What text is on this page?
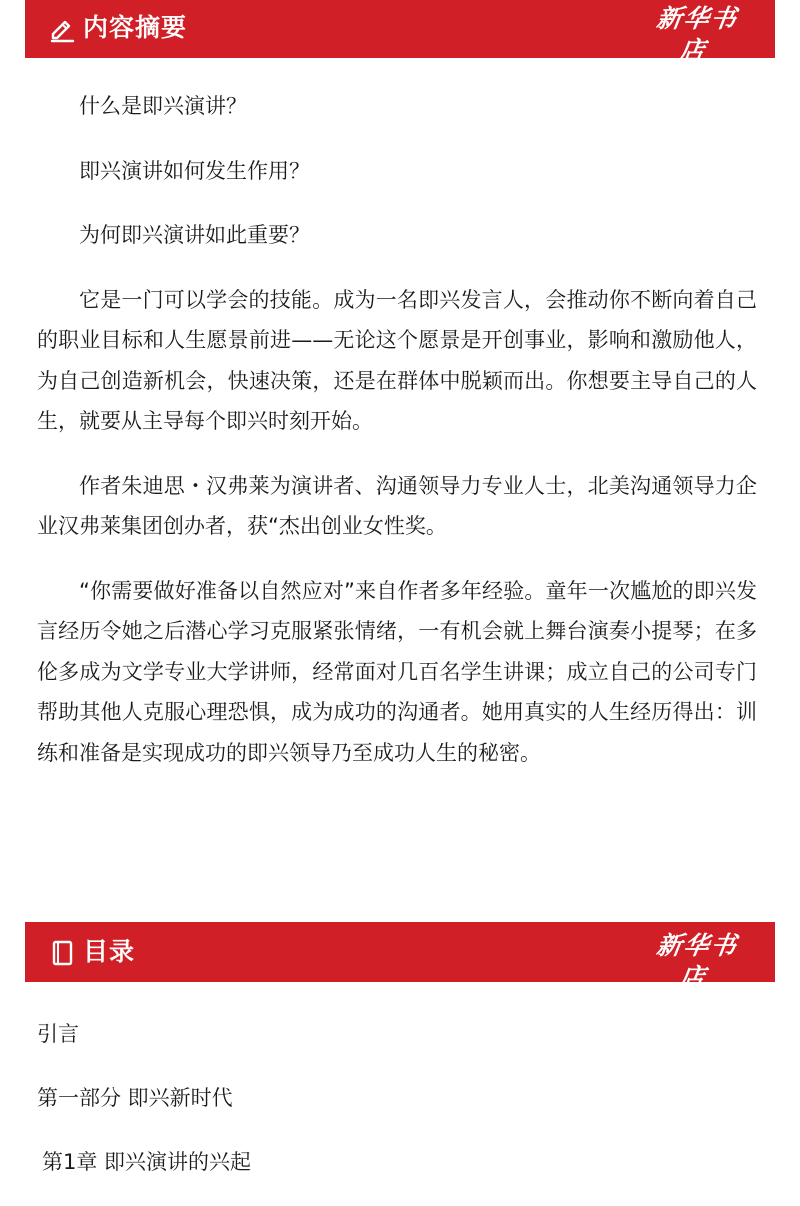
内容摘要	新华书店
XINHUA BOOKSTORE

什么是即兴演讲？

即兴演讲如何发生作用？

为何即兴演讲如此重要？

它是一门可以学会的技能。成为一名即兴发言人，会推动你不断向着自己的职业目标和人生愿景前进——无论这个愿景是开创事业，影响和激励他人，为自己创造新机会，快速决策，还是在群体中脱颖而出。你想要主导自己的人生，就要从主导每个即兴时刻开始。

作者朱迪思・汉弗莱为演讲者、沟通领导力专业人士，北美沟通领导力企业汉弗莱集团创办者，获“杰出创业女性奖。

“你需要做好准备以自然应对”来自作者多年经验。童年一次尴尬的即兴发言经历令她之后潜心学习克服紧张情绪，一有机会就上舞台演奏小提琴；在多伦多成为文学专业大学讲师，经常面对几百名学生讲课；成立自己的公司专门帮助其他人克服心理恐惧，成为成功的沟通者。她用真实的人生经历得出：训练和准备是实现成功的即兴领导乃至成功人生的秘密。

目录	新华书店
XINHUA BOOKSTORE
引言
第一部分 即兴新时代
第1章 即兴演讲的兴起
